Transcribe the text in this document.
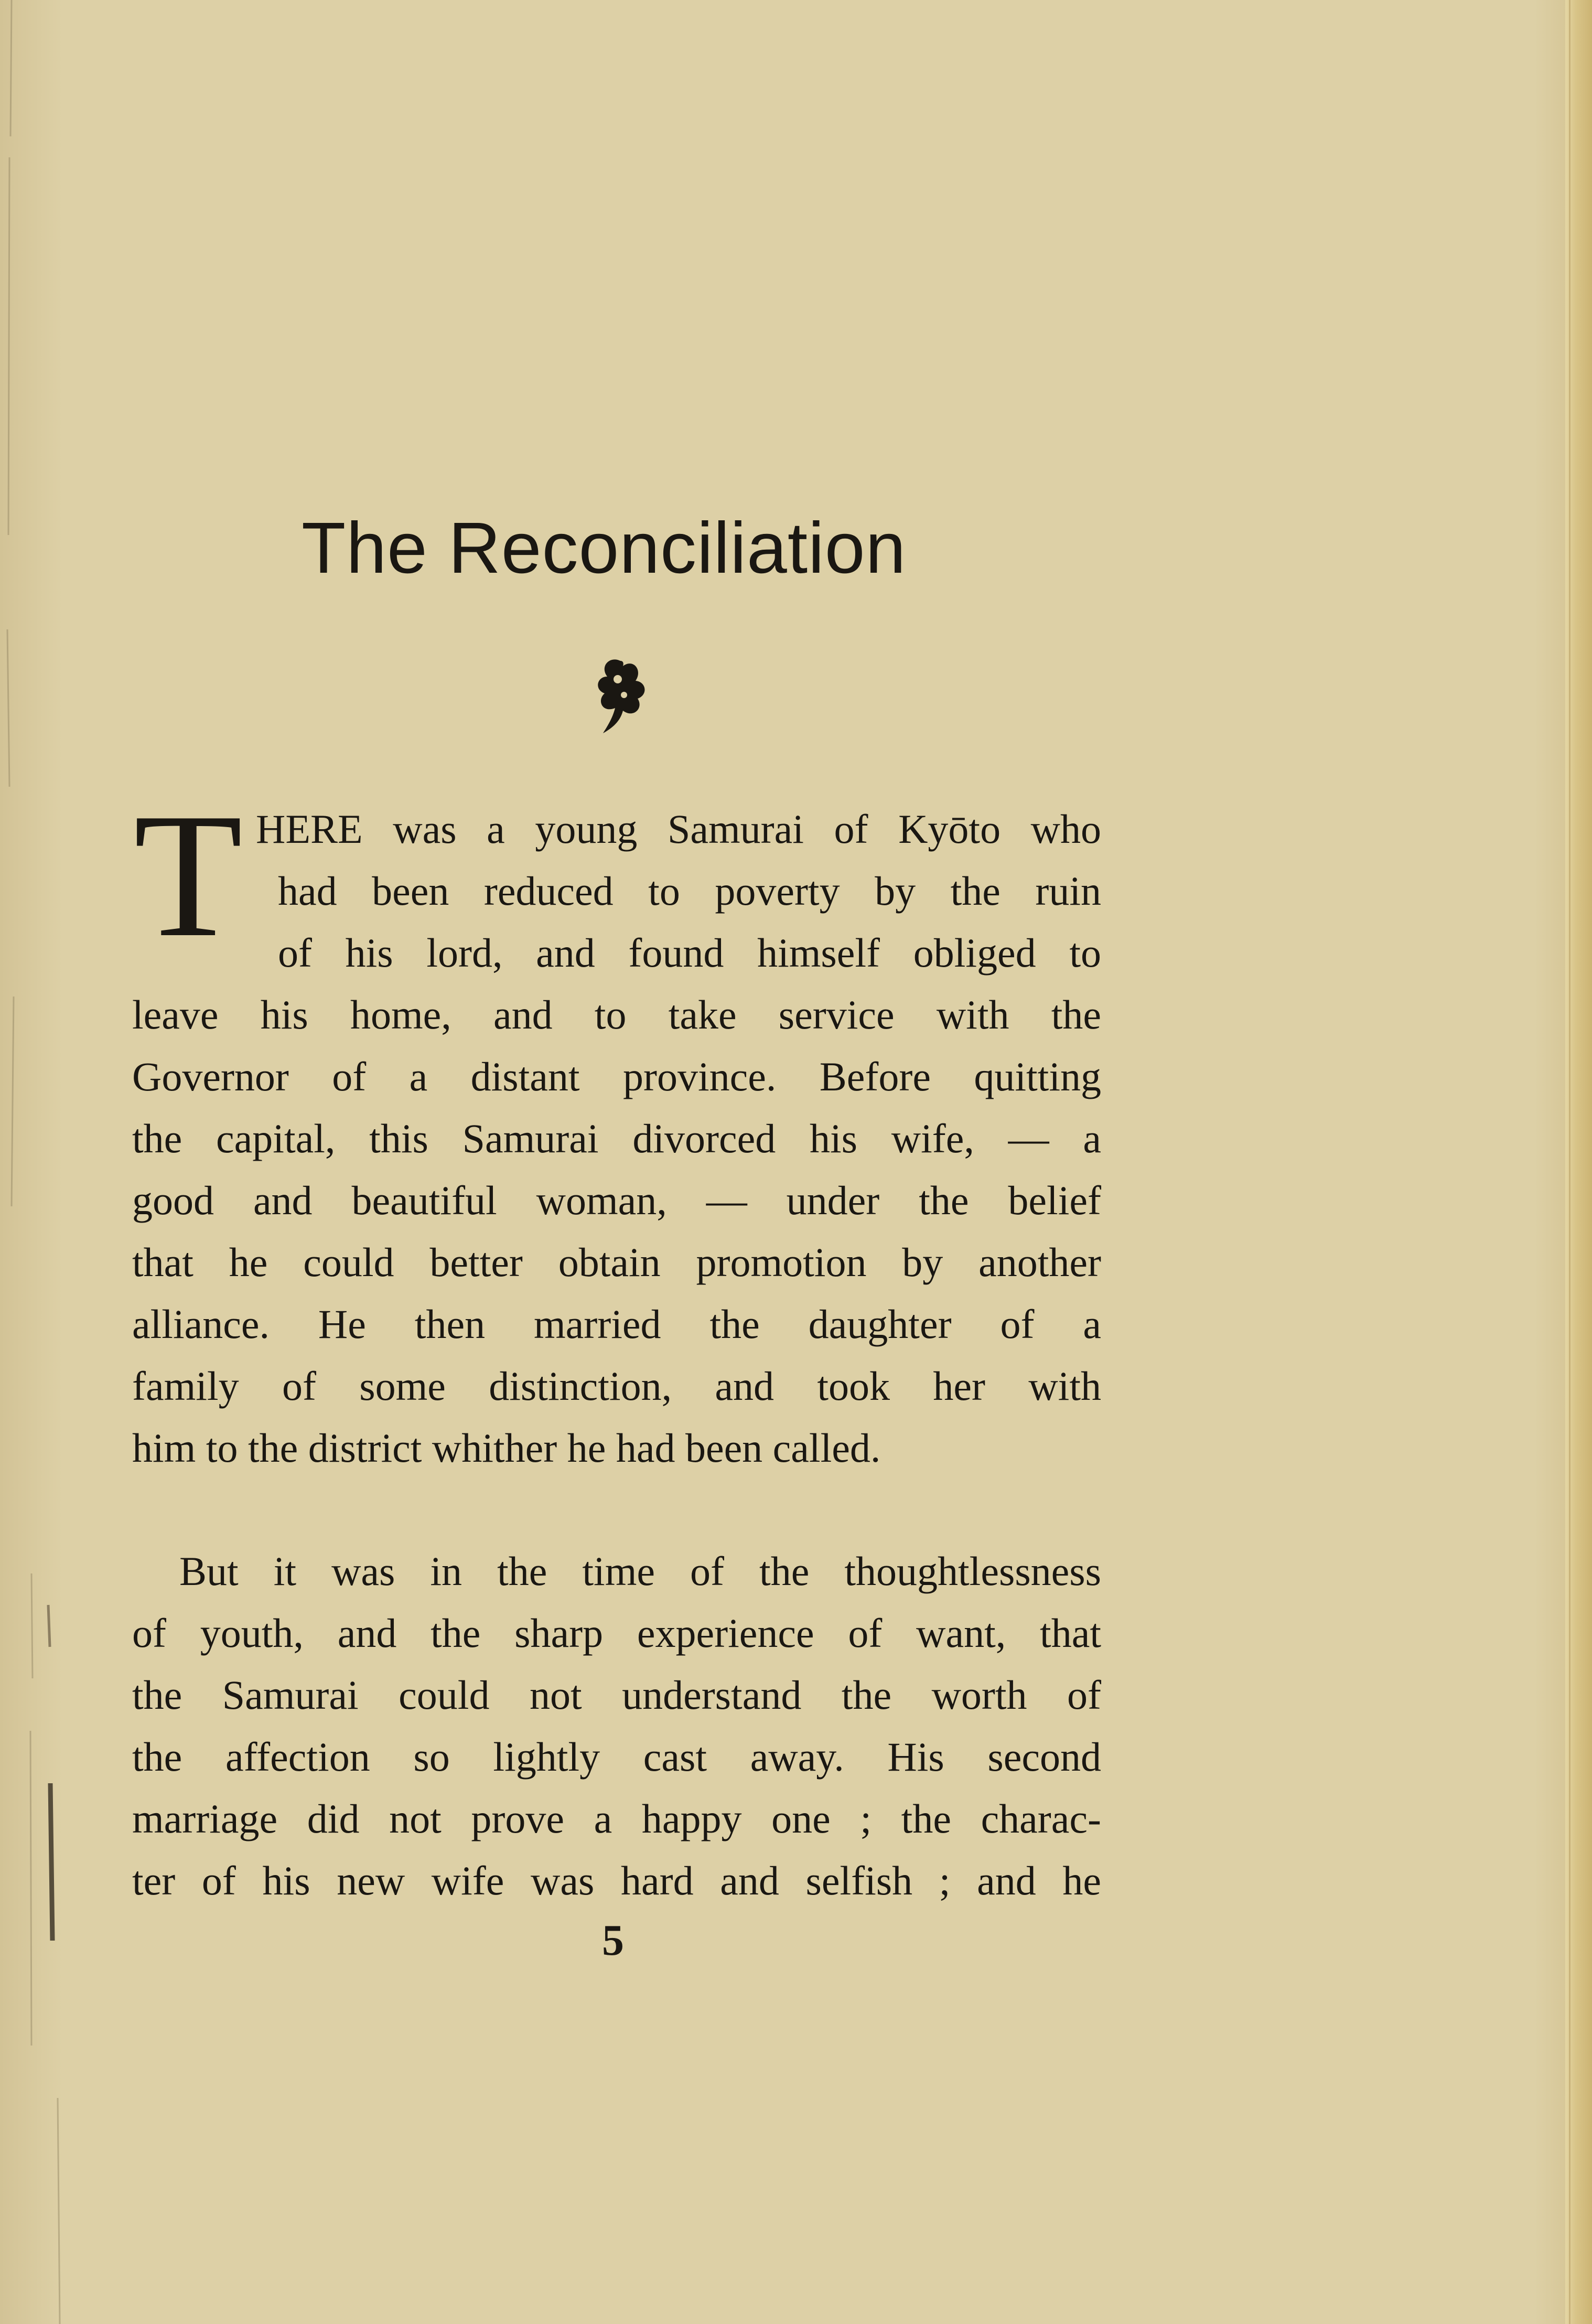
The Reconciliation
T HERE was a young Samurai of Kyōto who
had been reduced to poverty by the ruin
of his lord, and found himself obliged to
leave his home, and to take service with the
Governor of a distant province. Before quitting
the capital, this Samurai divorced his wife, — a
good and beautiful woman, — under the belief
that he could better obtain promotion by another
alliance. He then married the daughter of a
family of some distinction, and took her with
him to the district whither he had been called.
But it was in the time of the thoughtlessness
of youth, and the sharp experience of want, that
the Samurai could not understand the worth of
the affection so lightly cast away. His second
marriage did not prove a happy one ; the charac-
ter of his new wife was hard and selfish ; and he
5
